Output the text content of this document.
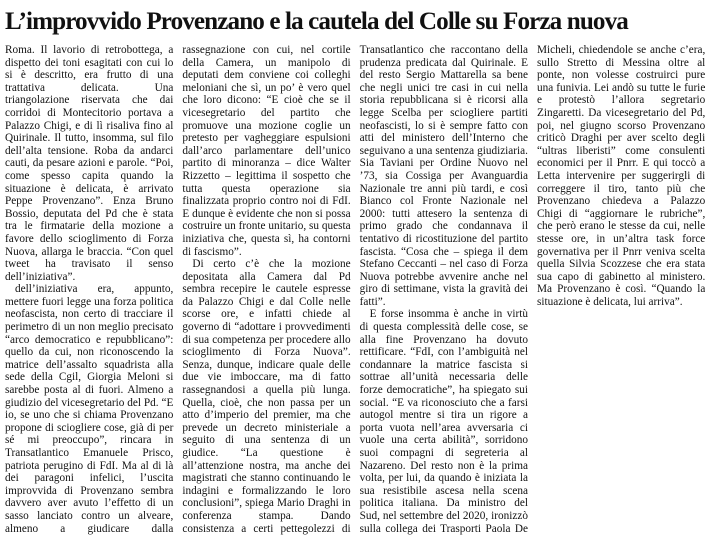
L’improvvido Provenzano e la cautela del Colle su Forza nuova

Roma. Il lavorio di retrobottega, a dispetto dei toni esagitati con cui lo si è descritto, era frutto di una trattativa delicata. Una triangolazione riservata che dai corridoi di Montecitorio portava a Palazzo Chigi, e di lì risaliva fino al Quirinale. Il tutto, insomma, sul filo dell’alta tensione. Roba da andarci cauti, da pesare azioni e parole. “Poi, come spesso capita quando la situazione è delicata, è arrivato Peppe Provenzano”. Enza Bruno Bossio, deputata del Pd che è stata tra le firmatarie della mozione a favore dello scioglimento di Forza Nuova, allarga le braccia. “Con quel tweet ha travisato il senso dell’iniziativa”.

dell’iniziativa era, appunto, mettere fuori legge una forza politica neofascista, non certo di tracciare il perimetro di un non meglio precisato “arco democratico e repubblicano”: quello da cui, non riconoscendo la matrice dell’assalto squadrista alla sede della Cgil, Giorgia Meloni si sarebbe posta al di fuori. Almeno a giudizio del vicesegretario del Pd. “E io, se uno che si chiama Provenzano propone di sciogliere cose, già di per sé mi preoccupo”, rincara in Transatlantico Emanuele Prisco, patriota perugino di FdI. Ma al di là dei paragoni infelici, l’uscita improvvida di Provenzano sembra davvero aver avuto l’effetto di un sasso lanciato contro un alveare, almeno a giudicare dalla rassegnazione con cui, nel cortile della Camera, un manipolo di deputati dem conviene coi colleghi meloniani che sì, un po’ è vero quel che loro dicono: “E cioè che se il vicesegretario del partito che promuove una mozione coglie un pretesto per vagheggiare espulsioni dall’arco parlamentare dell’unico partito di minoranza – dice Walter Rizzetto – legittima il sospetto che tutta questa operazione sia finalizzata proprio contro noi di FdI. E dunque è evidente che non si possa costruire un fronte unitario, su questa iniziativa che, questa sì, ha contorni di fascismo”.

Di certo c’è che la mozione depositata alla Camera dal Pd sembra recepire le cautele espresse da Palazzo Chigi e dal Colle nelle scorse ore, e infatti chiede al governo di “adottare i provvedimenti di sua competenza per procedere allo scioglimento di Forza Nuova”. Senza, dunque, indicare quale delle due vie imboccare, ma di fatto rassegnandosi a quella più lunga. Quella, cioè, che non passa per un atto d’imperio del premier, ma che prevede un decreto ministeriale a seguito di una sentenza di un giudice. “La questione è all’attenzione nostra, ma anche dei magistrati che stanno continuando le indagini e formalizzando le loro conclusioni”, spiega Mario Draghi in conferenza stampa. Dando consistenza a certi pettegolezzi di Transatlantico che raccontano della prudenza predicata dal Quirinale. E del resto Sergio Mattarella sa bene che negli unici tre casi in cui nella storia repubblicana si è ricorsi alla legge Scelba per sciogliere partiti neofascisti, lo si è sempre fatto con atti del ministero dell’Interno che seguivano a una sentenza giudiziaria. Sia Taviani per Ordine Nuovo nel ’73, sia Cossiga per Avanguardia Nazionale tre anni più tardi, e così Bianco col Fronte Nazionale nel 2000: tutti attesero la sentenza di primo grado che condannava il tentativo di ricostituzione del partito fascista. “Cosa che – spiega il dem Stefano Ceccanti – nel caso di Forza Nuova potrebbe avvenire anche nel giro di settimane, vista la gravità dei fatti”.

E forse insomma è anche in virtù di questa complessità delle cose, se alla fine Provenzano ha dovuto rettificare. “FdI, con l’ambiguità nel condannare la matrice fascista si sottrae all’unità necessaria delle forze democratiche”, ha spiegato sui social. “E va riconosciuto che a farsi autogol mentre si tira un rigore a porta vuota nell’area avversaria ci vuole una certa abilità”, sorridono suoi compagni di segreteria al Nazareno. Del resto non è la prima volta, per lui, da quando è iniziata la sua resistibile ascesa nella scena politica italiana. Da ministro del Sud, nel settembre del 2020, ironizzò sulla collega dei Trasporti Paola De Micheli, chiedendole se anche c’era, sullo Stretto di Messina oltre al ponte, non volesse costruirci pure una funivia. Lei andò su tutte le furie e protestò l’allora segretario Zingaretti. Da vicesegretario del Pd, poi, nel giugno scorso Provenzano criticò Draghi per aver scelto degli “ultras liberisti” come consulenti economici per il Pnrr. E qui toccò a Letta intervenire per suggerirgli di correggere il tiro, tanto più che Provenzano chiedeva a Palazzo Chigi di “aggiornare le rubriche”, che però erano le stesse da cui, nelle stesse ore, in un’altra task force governativa per il Pnrr veniva scelta quella Silvia Scozzese che era stata sua capo di gabinetto al ministero. Ma Provenzano è così. “Quando la situazione è delicata, lui arriva”.
